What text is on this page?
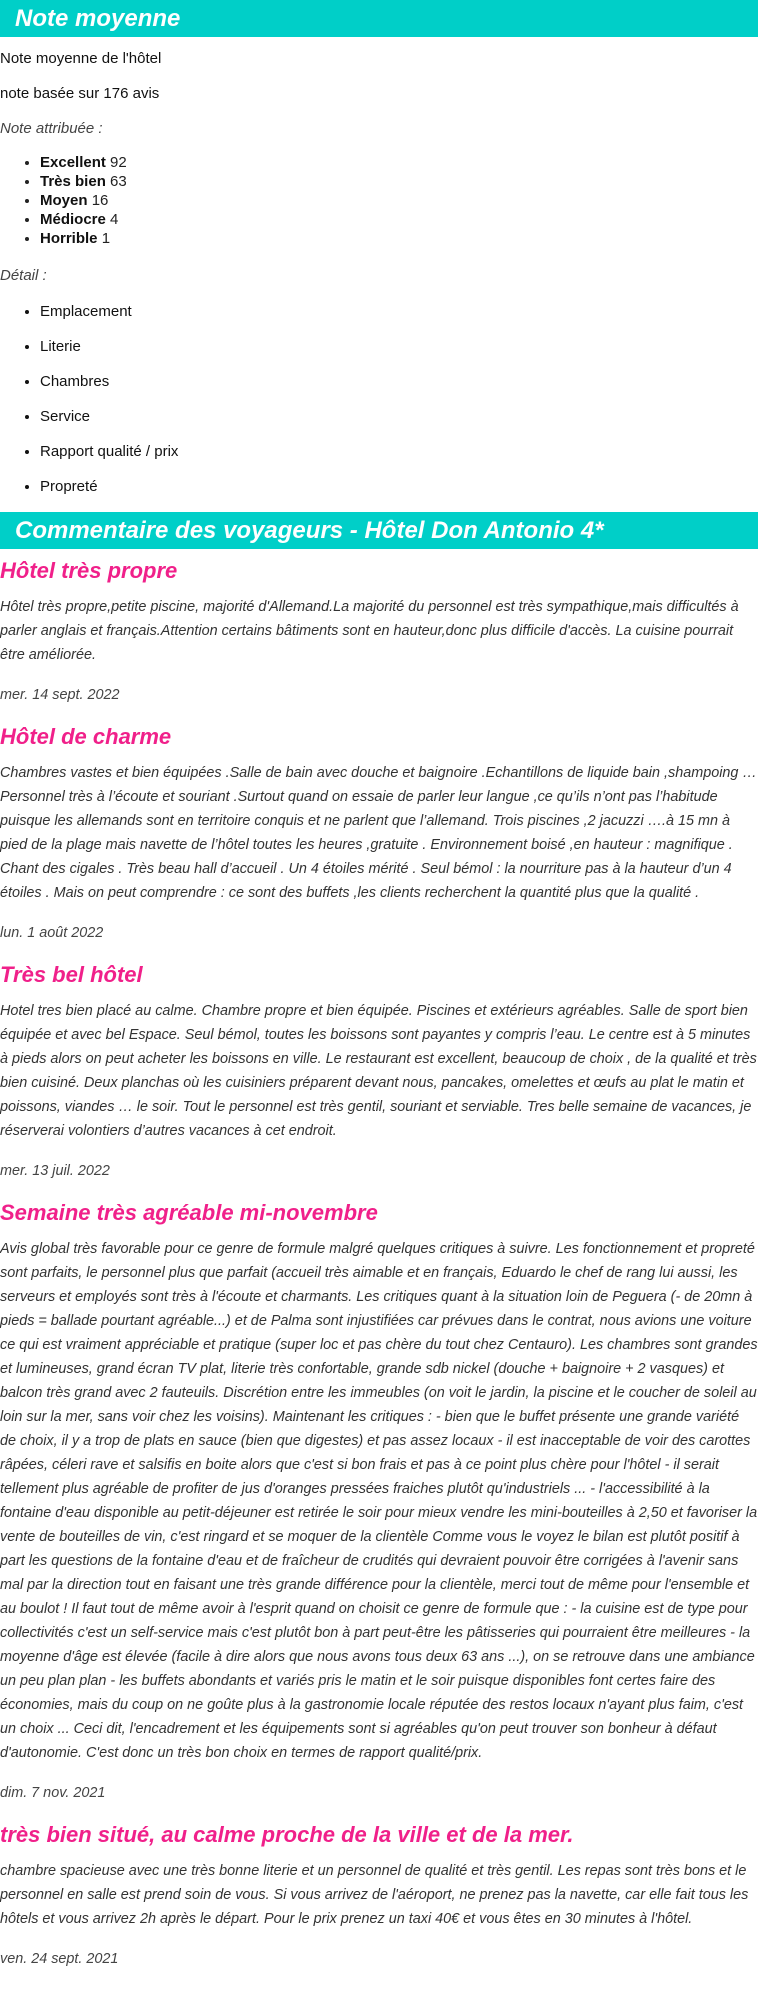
Note moyenne

Note moyenne de l'hôtel

note basée sur 176 avis

Note attribuée :

• Excellent 92
• Très bien 63
• Moyen 16
• Médiocre 4
• Horrible 1

Détail :

• Emplacement
• Literie
• Chambres
• Service
• Rapport qualité / prix
• Propreté
Commentaire des voyageurs - Hôtel Don Antonio 4*
Hôtel très propre

Hôtel très propre,petite piscine, majorité d'Allemand.La majorité du personnel est très sympathique,mais difficultés à parler anglais et français.Attention certains bâtiments sont en hauteur,donc plus difficile d'accès. La cuisine pourrait être améliorée.

mer. 14 sept. 2022

Hôtel de charme

Chambres vastes et bien équipées .Salle de bain avec douche et baignoire .Echantillons de liquide bain ,shampoing … Personnel très à l’écoute et souriant .Surtout quand on essaie de parler leur langue ,ce qu’ils n’ont pas l’habitude puisque les allemands sont en territoire conquis et ne parlent que l’allemand. Trois piscines ,2 jacuzzi ….à 15 mn à pied de la plage mais navette de l’hôtel toutes les heures ,gratuite . Environnement boisé ,en hauteur : magnifique . Chant des cigales . Très beau hall d’accueil . Un 4 étoiles mérité . Seul bémol : la nourriture pas à la hauteur d’un 4 étoiles . Mais on peut comprendre : ce sont des buffets ,les clients recherchent la quantité plus que la qualité .

lun. 1 août 2022

Très bel hôtel

Hotel tres bien placé au calme. Chambre propre et bien équipée. Piscines et extérieurs agréables. Salle de sport bien équipée et avec bel Espace. Seul bémol, toutes les boissons sont payantes y compris l’eau. Le centre est à 5 minutes à pieds alors on peut acheter les boissons en ville. Le restaurant est excellent, beaucoup de choix , de la qualité et très bien cuisiné. Deux planchas où les cuisiniers préparent devant nous, pancakes, omelettes et œufs au plat le matin et poissons, viandes … le soir. Tout le personnel est très gentil, souriant et serviable. Tres belle semaine de vacances, je réserverai volontiers d’autres vacances à cet endroit.

mer. 13 juil. 2022

Semaine très agréable mi-novembre

Avis global très favorable pour ce genre de formule malgré quelques critiques à suivre. Les fonctionnement et propreté sont parfaits, le personnel plus que parfait (accueil très aimable et en français, Eduardo le chef de rang lui aussi, les serveurs et employés sont très à l'écoute et charmants. Les critiques quant à la situation loin de Peguera (- de 20mn à pieds = ballade pourtant agréable...) et de Palma sont injustifiées car prévues dans le contrat, nous avions une voiture ce qui est vraiment appréciable et pratique (super loc et pas chère du tout chez Centauro). Les chambres sont grandes et lumineuses, grand écran TV plat, literie très confortable, grande sdb nickel (douche + baignoire + 2 vasques) et balcon très grand avec 2 fauteuils. Discrétion entre les immeubles (on voit le jardin, la piscine et le coucher de soleil au loin sur la mer, sans voir chez les voisins). Maintenant les critiques : - bien que le buffet présente une grande variété de choix, il y a trop de plats en sauce (bien que digestes) et pas assez locaux - il est inacceptable de voir des carottes râpées, céleri rave et salsifis en boite alors que c'est si bon frais et pas à ce point plus chère pour l'hôtel - il serait tellement plus agréable de profiter de jus d'oranges pressées fraiches plutôt qu'industriels ... - l'accessibilité à la fontaine d'eau disponible au petit-déjeuner est retirée le soir pour mieux vendre les mini-bouteilles à 2,50 et favoriser la vente de bouteilles de vin, c'est ringard et se moquer de la clientèle Comme vous le voyez le bilan est plutôt positif à part les questions de la fontaine d'eau et de fraîcheur de crudités qui devraient pouvoir être corrigées à l'avenir sans mal par la direction tout en faisant une très grande différence pour la clientèle, merci tout de même pour l'ensemble et au boulot ! Il faut tout de même avoir à l'esprit quand on choisit ce genre de formule que : - la cuisine est de type pour collectivités c'est un self-service mais c'est plutôt bon à part peut-être les pâtisseries qui pourraient être meilleures - la moyenne d'âge est élevée (facile à dire alors que nous avons tous deux 63 ans ...), on se retrouve dans une ambiance un peu plan plan - les buffets abondants et variés pris le matin et le soir puisque disponibles font certes faire des économies, mais du coup on ne goûte plus à la gastronomie locale réputée des restos locaux n'ayant plus faim, c'est un choix ... Ceci dit, l'encadrement et les équipements sont si agréables qu'on peut trouver son bonheur à défaut d'autonomie. C'est donc un très bon choix en termes de rapport qualité/prix.

dim. 7 nov. 2021

très bien situé, au calme proche de la ville et de la mer.

chambre spacieuse avec une très bonne literie et un personnel de qualité et très gentil. Les repas sont très bons et le personnel en salle est prend soin de vous. Si vous arrivez de l'aéroport, ne prenez pas la navette, car elle fait tous les hôtels et vous arrivez 2h après le départ. Pour le prix prenez un taxi 40€ et vous êtes en 30 minutes à l'hôtel.

ven. 24 sept. 2021
